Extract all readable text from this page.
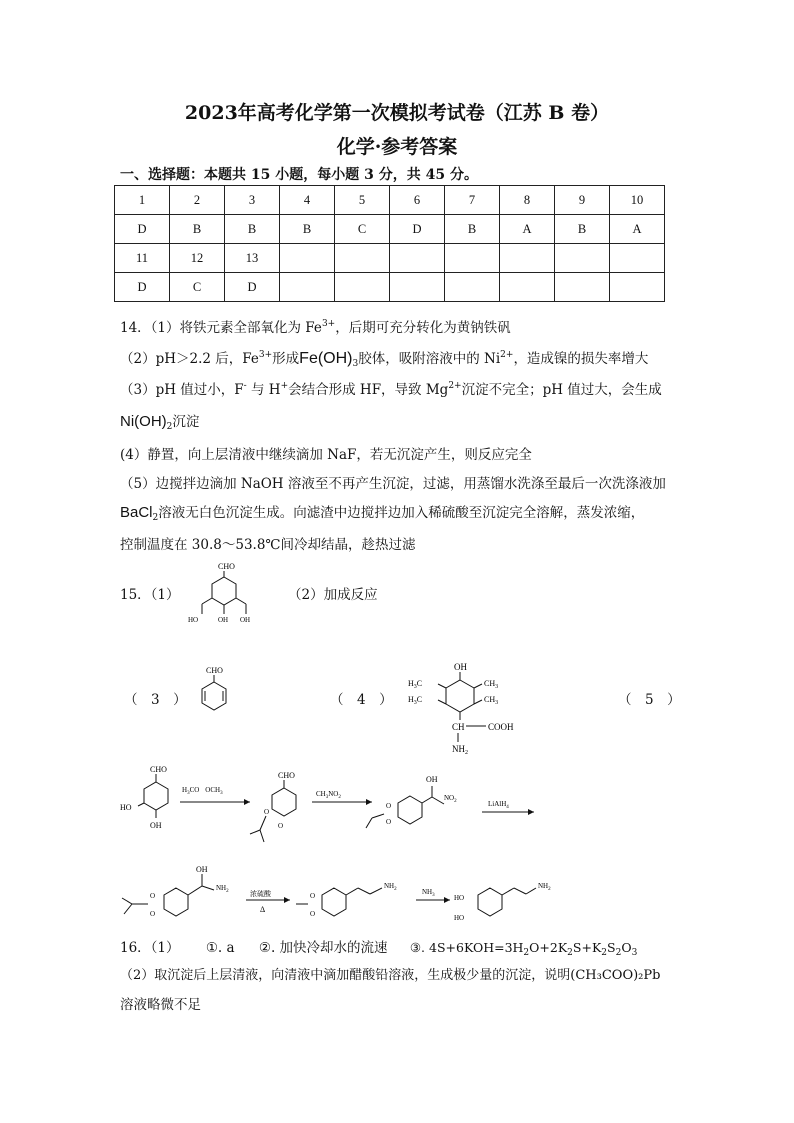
2023年高考化学第一次模拟考试卷（江苏 B 卷）
化学·参考答案
一、选择题：本题共 15 小题，每小题 3 分，共 45 分。
1	2	3	4	5	6	7	8	9	10
D	B	B	B	C	D	B	A	B	A
11	12	13							
D	C	D							
14．（1）将铁元素全部氧化为 $Fe^{3+}$，后期可充分转化为黄钠铁矾
（2）pH＞2.2 后，$Fe^{3+}$形成$Fe(OH)_3$胶体，吸附溶液中的 $Ni^{2+}$，造成镍的损失率增大
（3）pH 值过小，F- 与 H+会结合形成 HF，导致 $Mg^{2+}$沉淀不完全；pH 值过大，会生成
$Ni(OH)_2$沉淀
(4）静置，向上层清液中继续滴加 NaF，若无沉淀产生，则反应完全
（5）边搅拌边滴加 NaOH 溶液至不再产生沉淀，过滤，用蒸馏水洗涤至最后一次洗涤液加
BaCl$_2$溶液无白色沉淀生成。向滤渣中边搅拌边加入稀硫酸至沉淀完全溶解，蒸发浓缩，
控制温度在 30.8～53.8℃间冷却结晶，趁热过滤
15．（1）	（2）加成反应
CHO
HO	OH OH
（　3　）
CHO
（　4　）
OH
$H_3C$	$CH_3$
$H_3C$	$CH_3$
CH	COOH
$NH_2$
（　5　）
CHO
HO
OH
$H_3CO$ $OCH_3$
CHO
O
O
$CH_3NO_2$
O
O
OH
$NO_2$	LiAlH$_4$
OH
$NH_2$
O
O
浓硫酸
Δ
O
O
$NH_2$	$NH_3$	HO
HO
$NH_2$
16．（1） ①. a ②. 加快冷却水的流速 ③. $4S+6KOH=3H_2O+2K_2S+K_2S_2O_3$
（2）取沉淀后上层清液，向清液中滴加醋酸铅溶液，生成极少量的沉淀，说明(CH₃COO)₂Pb
溶液略微不足
